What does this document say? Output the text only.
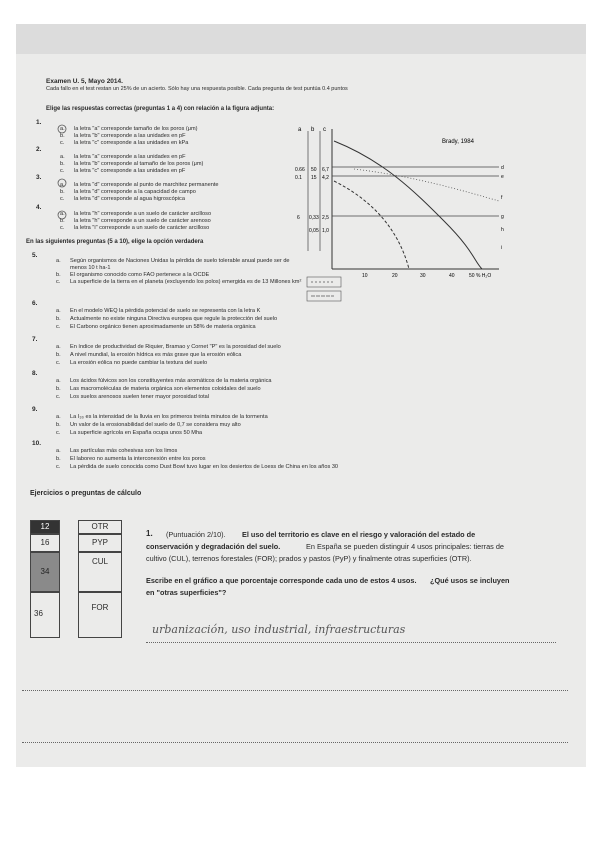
Examen U. 5, Mayo 2014.
Cada fallo en el test restan un 25% de un acierto. Sólo hay una respuesta posible. Cada pregunta de test puntúa 0.4 puntos
Elige las respuestas correctas (preguntas 1 a 4) con relación a la figura adjunta:
1.
a. la letra "a" corresponde tamaño de los poros (μm)
b. la letra "b" corresponde a las unidades en pF
c. la letra "c" corresponde a las unidades en kPa
2.
a. la letra "a" corresponde a las unidades en pF
b. la letra "b" corresponde al tamaño de los poros (μm)
c. la letra "c" corresponde a las unidades en pF
3.
a. la letra "d" corresponde al punto de marchitez permanente
b. la letra "d" corresponde a la capacidad de campo
c. la letra "d" corresponde al agua higroscópica
4.
a. la letra "h" corresponde a un suelo de carácter arcilloso
b. la letra "h" corresponde a un suelo de carácter arenoso
c. la letra "i" corresponde a un suelo de carácter arcilloso
a b c
Brady, 1984
0.66 50 6,7
0.1 15 4,2
6 0,33 2,5
0,05 1,0
d
e
f
g
h
i
10	20	30	40	50 % H₂O
En las siguientes preguntas (5 a 10), elige la opción verdadera
5.
a. Según organismos de Naciones Unidas la pérdida de suelo tolerable anual puede ser de menos 10 t ha-1
b. El organismo conocido como FAO pertenece a la OCDE
c. La superficie de la tierra en el planeta (excluyendo los polos) emergida es de 13 Millones km²
6.
a. En el modelo WEQ la pérdida potencial de suelo se representa con la letra K
b. Actualmente no existe ninguna Directiva europea que regule la protección del suelo
c. El Carbono orgánico tienen aproximadamente un 58% de materia orgánica
7.
a. En índice de productividad de Riquier, Bramao y Cornet "P" es la porosidad del suelo
b. A nivel mundial, la erosión hídrica es más grave que la erosión eólica
c. La erosión eólica no puede cambiar la textura del suelo
8.
a. Los ácidos fúlvicos son los constituyentes más aromáticos de la materia orgánica
b. Las macromoléculas de materia orgánica son elementos coloidales del suelo
c. Los suelos arenosos suelen tener mayor porosidad total
9.
a. La I₃₀ es la intensidad de la lluvia en los primeros treinta minutos de la tormenta
b. Un valor de la erosionabilidad del suelo de 0,7 se considera muy alto
c. La superficie agrícola en España ocupa unos 50 Mha
10.
a. Las partículas más cohesivas son los limos
b. El laboreo no aumenta la interconexión entre los poros
c. La pérdida de suelo conocida como Dust Bowl tuvo lugar en los desiertos de Loess de China en los años 30
Ejercicios o preguntas de cálculo
12
16
34
36
OTR
PYP
CUL
FOR
1. (Puntuación 2/10). El uso del territorio es clave en el riesgo y valoración del estado de
conservación y degradación del suelo.	En España se pueden distinguir 4 usos principales: tierras de
cultivo (CUL), terrenos forestales (FOR); prados y pastos (PyP) y finalmente otras superficies (OTR).
Escribe en el gráfico a que porcentaje corresponde cada uno de estos 4 usos. ¿Qué usos se incluyen
en "otras superficies"?
urbanización, uso industrial, infraestructuras
